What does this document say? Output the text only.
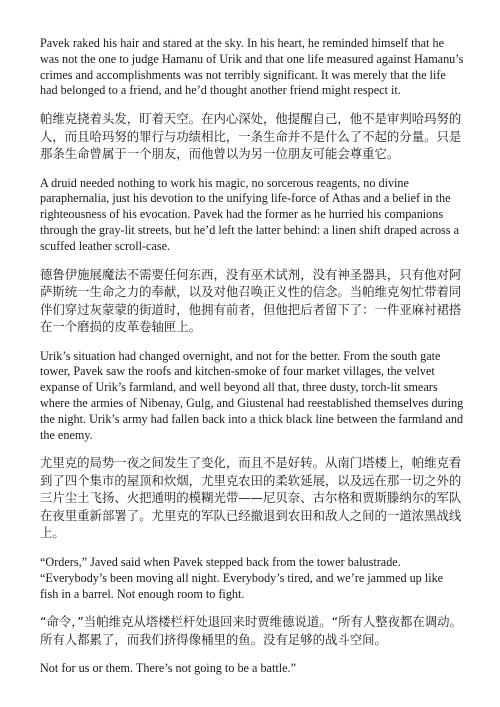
Pavek raked his hair and stared at the sky. In his heart, he reminded himself that he was not the one to judge Hamanu of Urik and that one life measured against Hamanu’s crimes and accomplishments was not terribly significant. It was merely that the life had belonged to a friend, and he’d thought another friend might respect it.

帕维克挠着头发，盯着天空。在内心深处，他提醒自己，他不是审判哈玛努的人，而且哈玛努的罪行与功绩相比，一条生命并不是什么了不起的分量。只是那条生命曾属于一个朋友，而他曾以为另一位朋友可能会尊重它。

A druid needed nothing to work his magic, no sorcerous reagents, no divine paraphernalia, just his devotion to the unifying life-force of Athas and a belief in the righteousness of his evocation. Pavek had the former as he hurried his companions through the gray-lit streets, but he’d left the latter behind: a linen shift draped across a scuffed leather scroll-case.

德鲁伊施展魔法不需要任何东西，没有巫术试剂，没有神圣器具，只有他对阿萨斯统一生命之力的奉献，以及对他召唤正义性的信念。当帕维克匆忙带着同伴们穿过灰蒙蒙的街道时，他拥有前者，但他把后者留下了：一件亚麻衬裙搭在一个磨损的皮革卷轴匣上。

Urik’s situation had changed overnight, and not for the better. From the south gate tower, Pavek saw the roofs and kitchen-smoke of four market villages, the velvet expanse of Urik’s farmland, and well beyond all that, three dusty, torch-lit smears where the armies of Nibenay, Gulg, and Giustenal had reestablished themselves during the night. Urik’s army had fallen back into a thick black line between the farmland and the enemy.

尤里克的局势一夜之间发生了变化，而且不是好转。从南门塔楼上，帕维克看到了四个集市的屋顶和炊烟，尤里克农田的柔软延展，以及远在那一切之外的三片尘土飞扬、火把通明的模糊光带——尼贝奈、古尔格和贾斯滕纳尔的军队在夜里重新部署了。尤里克的军队已经撤退到农田和敌人之间的一道浓黑战线上。

“Orders,” Javed said when Pavek stepped back from the tower balustrade. “Everybody’s been moving all night. Everybody’s tired, and we’re jammed up like fish in a barrel. Not enough room to fight.

“命令，”当帕维克从塔楼栏杆处退回来时贾维德说道。“所有人整夜都在调动。所有人都累了，而我们挤得像桶里的鱼。没有足够的战斗空间。

Not for us or them. There’s not going to be a battle.”
